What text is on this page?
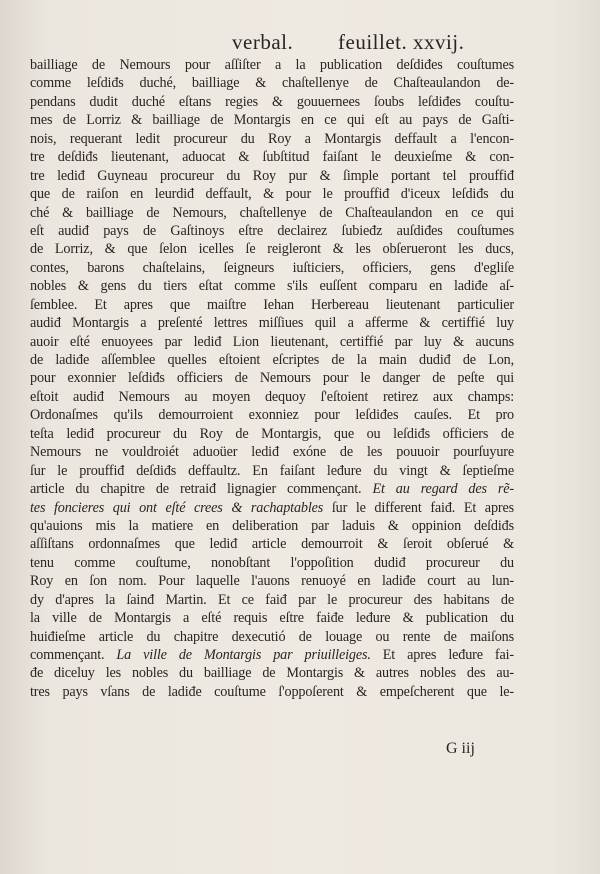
verbal. feuillet. xxvij.
bailliage de Nemours pour aſſiſter a la publication deſdiđes couſtumes
comme leſdiđs duché, bailliage & chaſtellenye de Chaſteaulandon de-
pendans dudit duché eſtans regies & gouuernees ſoubs leſdiđes couſtu-
mes de Lorriz & bailliage de Montargis en ce qui eſt au pays de Gaſti-
nois, requerant ledit procureur du Roy a Montargis deffault a l'encon-
tre deſdiđs lieutenant, aduocat & ſubſtitud faiſant le deuxieſme & con-
tre lediđ Guyneau procureur du Roy pur & ſimple portant tel prouffiđ
que de raiſon en leurdiđ deffault, & pour le prouffiđ d'iceux leſdiđs du
ché & bailliage de Nemours, chaſtellenye de Chaſteaulandon en ce qui
eſt audiđ pays de Gaſtinoys eſtre declairez ſubieđz auſdiđes couſtumes
de Lorriz, & que ſelon icelles ſe reigleront & les obſerueront les ducs,
contes, barons chaſtelains, ſeigneurs iuſticiers, officiers, gens d'egliſe
nobles & gens du tiers eſtat comme s'ils euſſent comparu en ladiđe aſ-
ſemblee. Et apres que maiſtre Iehan Herbereau lieutenant particulier
audiđ Montargis a preſenté lettres miſſiues quil a afferme & certiffié luy
auoir eſté enuoyees par lediđ Lion lieutenant, certiffié par luy & aucuns
de ladiđe aſſemblee quelles eſtoient eſcriptes de la main dudiđ de Lon,
pour exonnier leſdiđs officiers de Nemours pour le danger de peſte qui
eſtoit audiđ Nemours au moyen dequoy ſ'eſtoient retirez aux champs:
Ordonaſmes qu'ils demourroient exonniez pour leſdiđes cauſes. Et pro
teſta lediđ procureur du Roy de Montargis, que ou leſdiđs officiers de
Nemours ne vouldroiét aduoüer lediđ exóne de les pouuoir pourſuyure
ſur le prouffiđ deſdiđs deffaultz. En faiſant leđure du vingt & ſeptieſme
article du chapitre de retraiđ lignagier commençant. Et au regard des rẽ-
tes foncieres qui ont eſté crees & rachaptables ſur le different faiđ. Et apres
qu'auions mis la matiere en deliberation par laduis & oppinion deſdiđs
aſſiſtans ordonnaſmes que lediđ article demourroit & ſeroit obſerué &
tenu comme couſtume, nonobſtant l'oppoſition dudiđ procureur du
Roy en ſon nom. Pour laquelle l'auons renuoyé en ladiđe court au lun-
dy d'apres la ſainđ Martin. Et ce faiđ par le procureur des habitans de
la ville de Montargis a eſté requis eſtre faiđe leđure & publication du
huiđieſme article du chapitre dexecutió de louage ou rente de maiſons
commençant. La ville de Montargis par priuilleiges. Et apres leđure fai-
đe diceluy les nobles du bailliage de Montargis & autres nobles des au-
tres pays vſans de ladiđe couſtume ſ'oppoſerent & empeſcherent que le-
G iij
